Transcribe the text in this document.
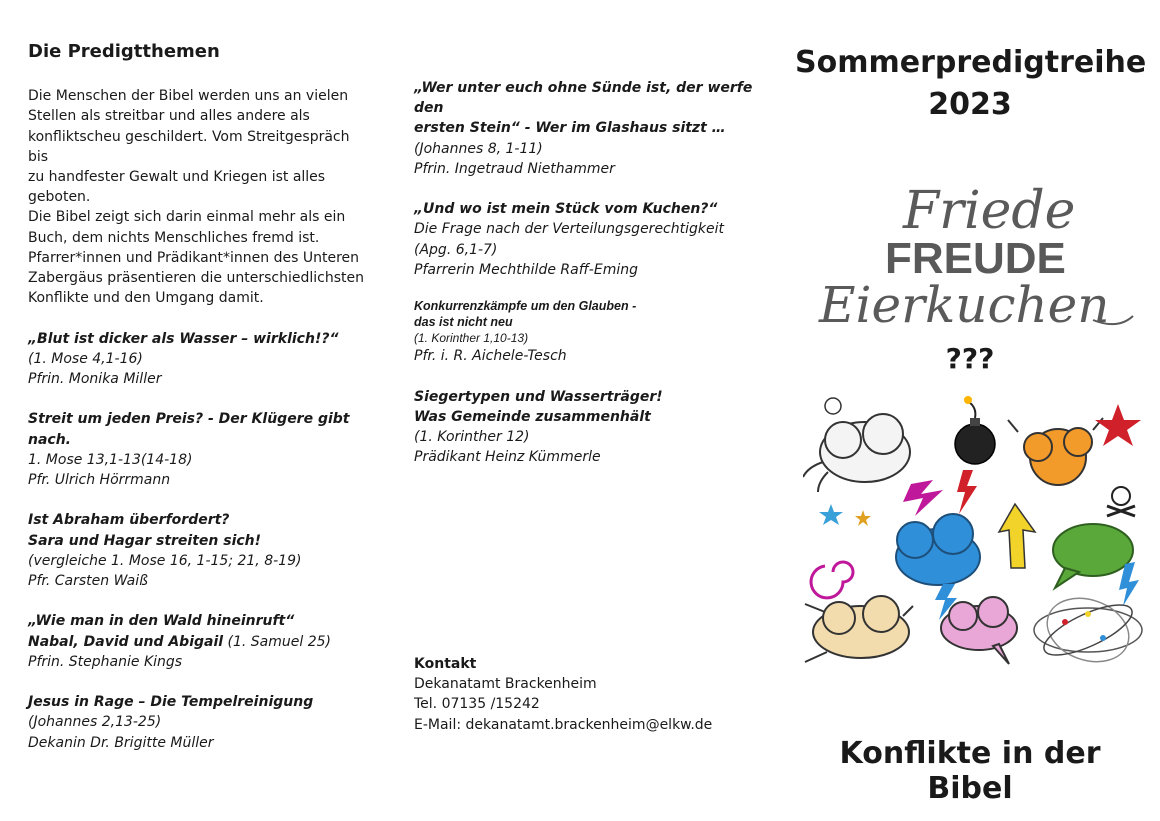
Die Predigtthemen
Die Menschen der Bibel werden uns an vielen
Stellen als streitbar und alles andere als
konfliktscheu geschildert. Vom Streitgespräch bis
zu handfester Gewalt und Kriegen ist alles
geboten.
Die Bibel zeigt sich darin einmal mehr als ein
Buch, dem nichts Menschliches fremd ist.
Pfarrer*innen und Prädikant*innen des Unteren
Zabergäus präsentieren die unterschiedlichsten
Konflikte und den Umgang damit.
„Blut ist dicker als Wasser – wirklich!?“
(1. Mose 4,1-16)
Pfrin. Monika Miller
Streit um jeden Preis? - Der Klügere gibt nach.
1. Mose 13,1-13(14-18)
Pfr. Ulrich Hörrmann
Ist Abraham überfordert?
Sara und Hagar streiten sich!
(vergleiche 1. Mose 16, 1-15; 21, 8-19)
Pfr. Carsten Waiß
„Wie man in den Wald hineinruft“
Nabal, David und Abigail (1. Samuel 25)
Pfrin. Stephanie Kings
Jesus in Rage – Die Tempelreinigung
(Johannes 2,13-25)
Dekanin Dr. Brigitte Müller
„Wer unter euch ohne Sünde ist, der werfe den
ersten Stein“ - Wer im Glashaus sitzt …
(Johannes 8, 1-11)
Pfrin. Ingetraud Niethammer
„Und wo ist mein Stück vom Kuchen?“
Die Frage nach der Verteilungsgerechtigkeit
(Apg. 6,1-7)
Pfarrerin Mechthilde Raff-Eming
Konkurrenzkämpfe um den Glauben -
das ist nicht neu
(1. Korinther 1,10-13)
Pfr. i. R. Aichele-Tesch
Siegertypen und Wasserträger!
Was Gemeinde zusammenhält
(1. Korinther 12)
Prädikant Heinz Kümmerle
Kontakt
Dekanatamt Brackenheim
Tel. 07135 /15242
E-Mail: dekanatamt.brackenheim@elkw.de
Sommerpredigtreihe
2023
Friede
FREUDE
Eierkuchen
???
Konflikte in der Bibel
